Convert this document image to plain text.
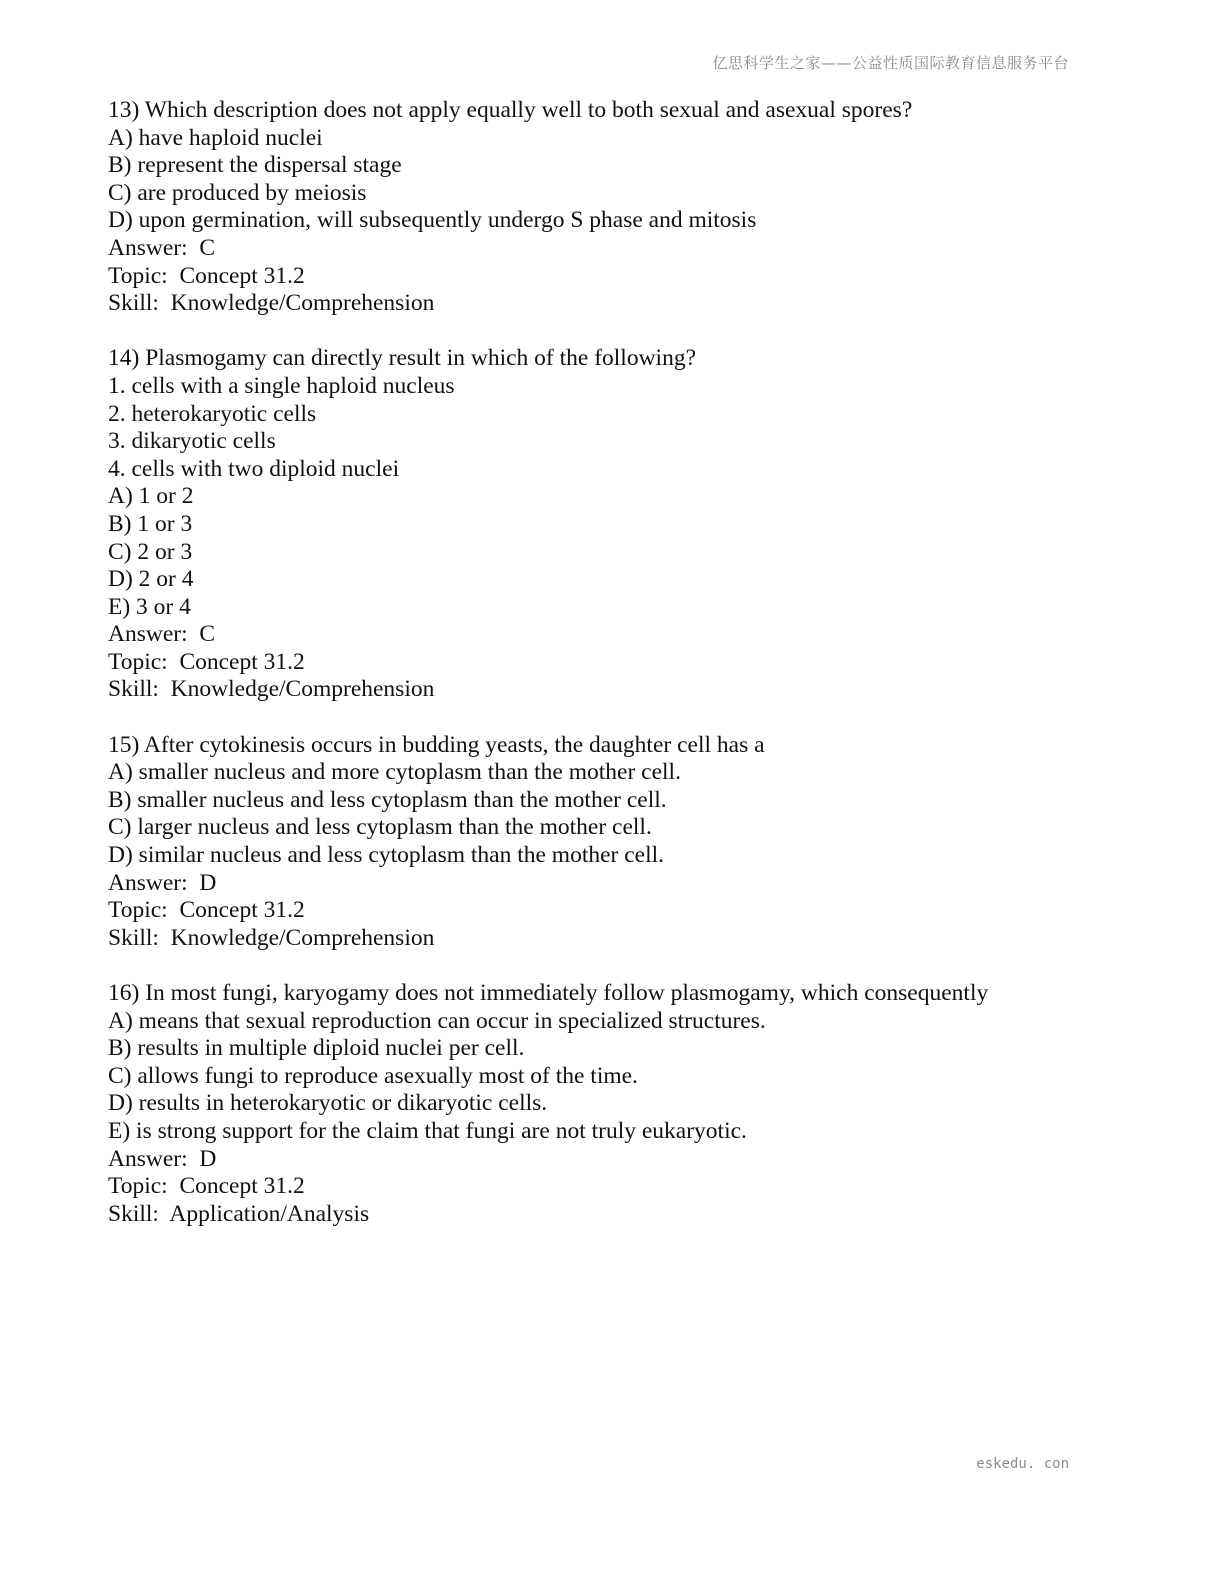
亿思科学生之家——公益性质国际教育信息服务平台
13) Which description does not apply equally well to both sexual and asexual spores?
A) have haploid nuclei
B) represent the dispersal stage
C) are produced by meiosis
D) upon germination, will subsequently undergo S phase and mitosis
Answer:  C
Topic:  Concept 31.2
Skill:  Knowledge/Comprehension
14) Plasmogamy can directly result in which of the following?
1. cells with a single haploid nucleus
2. heterokaryotic cells
3. dikaryotic cells
4. cells with two diploid nuclei
A) 1 or 2
B) 1 or 3
C) 2 or 3
D) 2 or 4
E) 3 or 4
Answer:  C
Topic:  Concept 31.2
Skill:  Knowledge/Comprehension
15) After cytokinesis occurs in budding yeasts, the daughter cell has a
A) smaller nucleus and more cytoplasm than the mother cell.
B) smaller nucleus and less cytoplasm than the mother cell.
C) larger nucleus and less cytoplasm than the mother cell.
D) similar nucleus and less cytoplasm than the mother cell.
Answer:  D
Topic:  Concept 31.2
Skill:  Knowledge/Comprehension
16) In most fungi, karyogamy does not immediately follow plasmogamy, which consequently
A) means that sexual reproduction can occur in specialized structures.
B) results in multiple diploid nuclei per cell.
C) allows fungi to reproduce asexually most of the time.
D) results in heterokaryotic or dikaryotic cells.
E) is strong support for the claim that fungi are not truly eukaryotic.
Answer:  D
Topic:  Concept 31.2
Skill:  Application/Analysis
eskedu. con
